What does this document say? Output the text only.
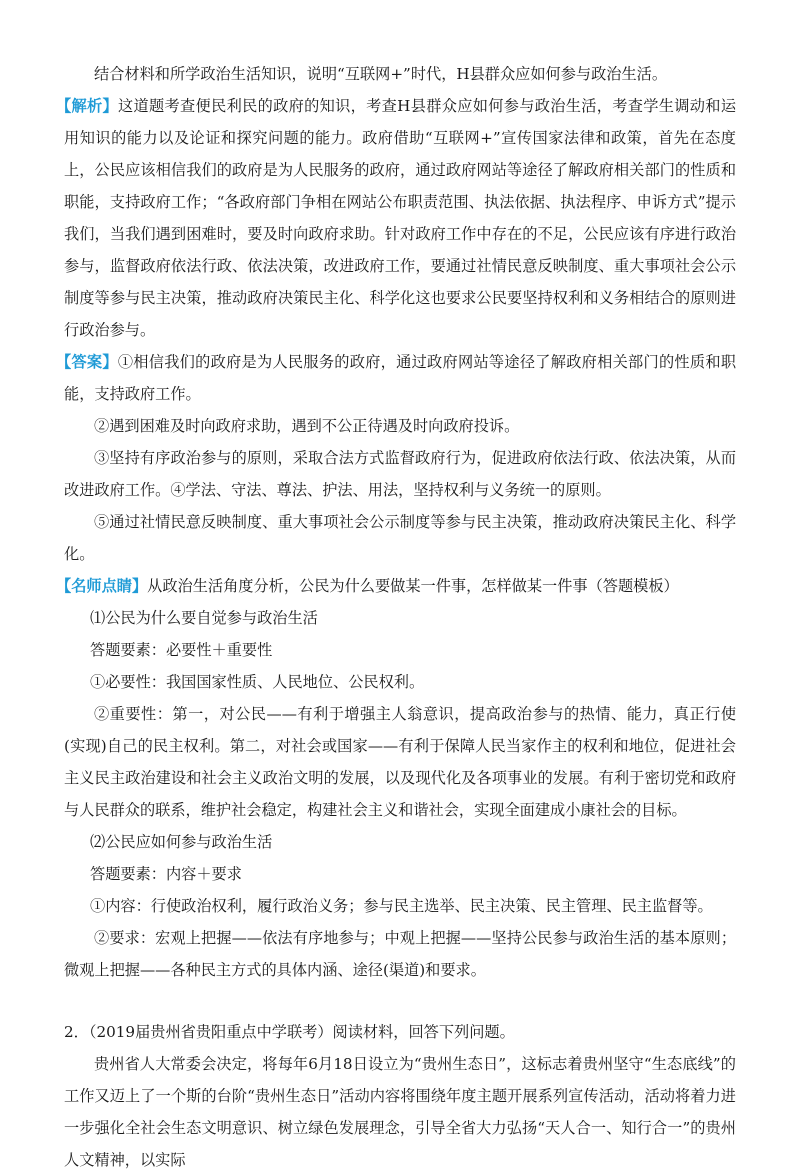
结合材料和所学政治生活知识，说明“互联网+”时代，H县群众应如何参与政治生活。

【解析】这道题考查便民利民的政府的知识，考查H县群众应如何参与政治生活，考查学生调动和运用知识的能力以及论证和探究问题的能力。政府借助“互联网+”宣传国家法律和政策，首先在态度上，公民应该相信我们的政府是为人民服务的政府，通过政府网站等途径了解政府相关部门的性质和职能，支持政府工作；“各政府部门争相在网站公布职责范围、执法依据、执法程序、申诉方式”提示我们，当我们遇到困难时，要及时向政府求助。针对政府工作中存在的不足，公民应该有序进行政治参与，监督政府依法行政、依法决策，改进政府工作，要通过社情民意反映制度、重大事项社会公示制度等参与民主决策，推动政府决策民主化、科学化这也要求公民要坚持权利和义务相结合的原则进行政治参与。

【答案】①相信我们的政府是为人民服务的政府，通过政府网站等途径了解政府相关部门的性质和职能，支持政府工作。

②遇到困难及时向政府求助，遇到不公正待遇及时向政府投诉。

③坚持有序政治参与的原则，采取合法方式监督政府行为，促进政府依法行政、依法决策，从而改进政府工作。④学法、守法、尊法、护法、用法，坚持权利与义务统一的原则。

⑤通过社情民意反映制度、重大事项社会公示制度等参与民主决策，推动政府决策民主化、科学化。

【名师点睛】从政治生活角度分析，公民为什么要做某一件事，怎样做某一件事（答题模板）

⑴公民为什么要自觉参与政治生活

答题要素：必要性＋重要性

①必要性：我国国家性质、人民地位、公民权利。

②重要性：第一，对公民——有利于增强主人翁意识，提高政治参与的热情、能力，真正行使(实现)自己的民主权利。第二，对社会或国家——有利于保障人民当家作主的权利和地位，促进社会主义民主政治建设和社会主义政治文明的发展，以及现代化及各项事业的发展。有利于密切党和政府与人民群众的联系，维护社会稳定，构建社会主义和谐社会，实现全面建成小康社会的目标。

⑵公民应如何参与政治生活

答题要素：内容＋要求

①内容：行使政治权利，履行政治义务；参与民主选举、民主决策、民主管理、民主监督等。

②要求：宏观上把握——依法有序地参与；中观上把握——坚持公民参与政治生活的基本原则；微观上把握——各种民主方式的具体内涵、途径(渠道)和要求。

2．（2019届贵州省贵阳重点中学联考）阅读材料，回答下列问题。

贵州省人大常委会决定，将每年6月18日设立为“贵州生态日”，这标志着贵州坚守“生态底线”的工作又迈上了一个斯的台阶“贵州生态日”活动内容将围绕年度主题开展系列宣传活动，活动将着力进一步强化全社会生态文明意识、树立绿色发展理念，引导全省大力弘扬“天人合一、知行合一”的贵州人文精神，以实际
